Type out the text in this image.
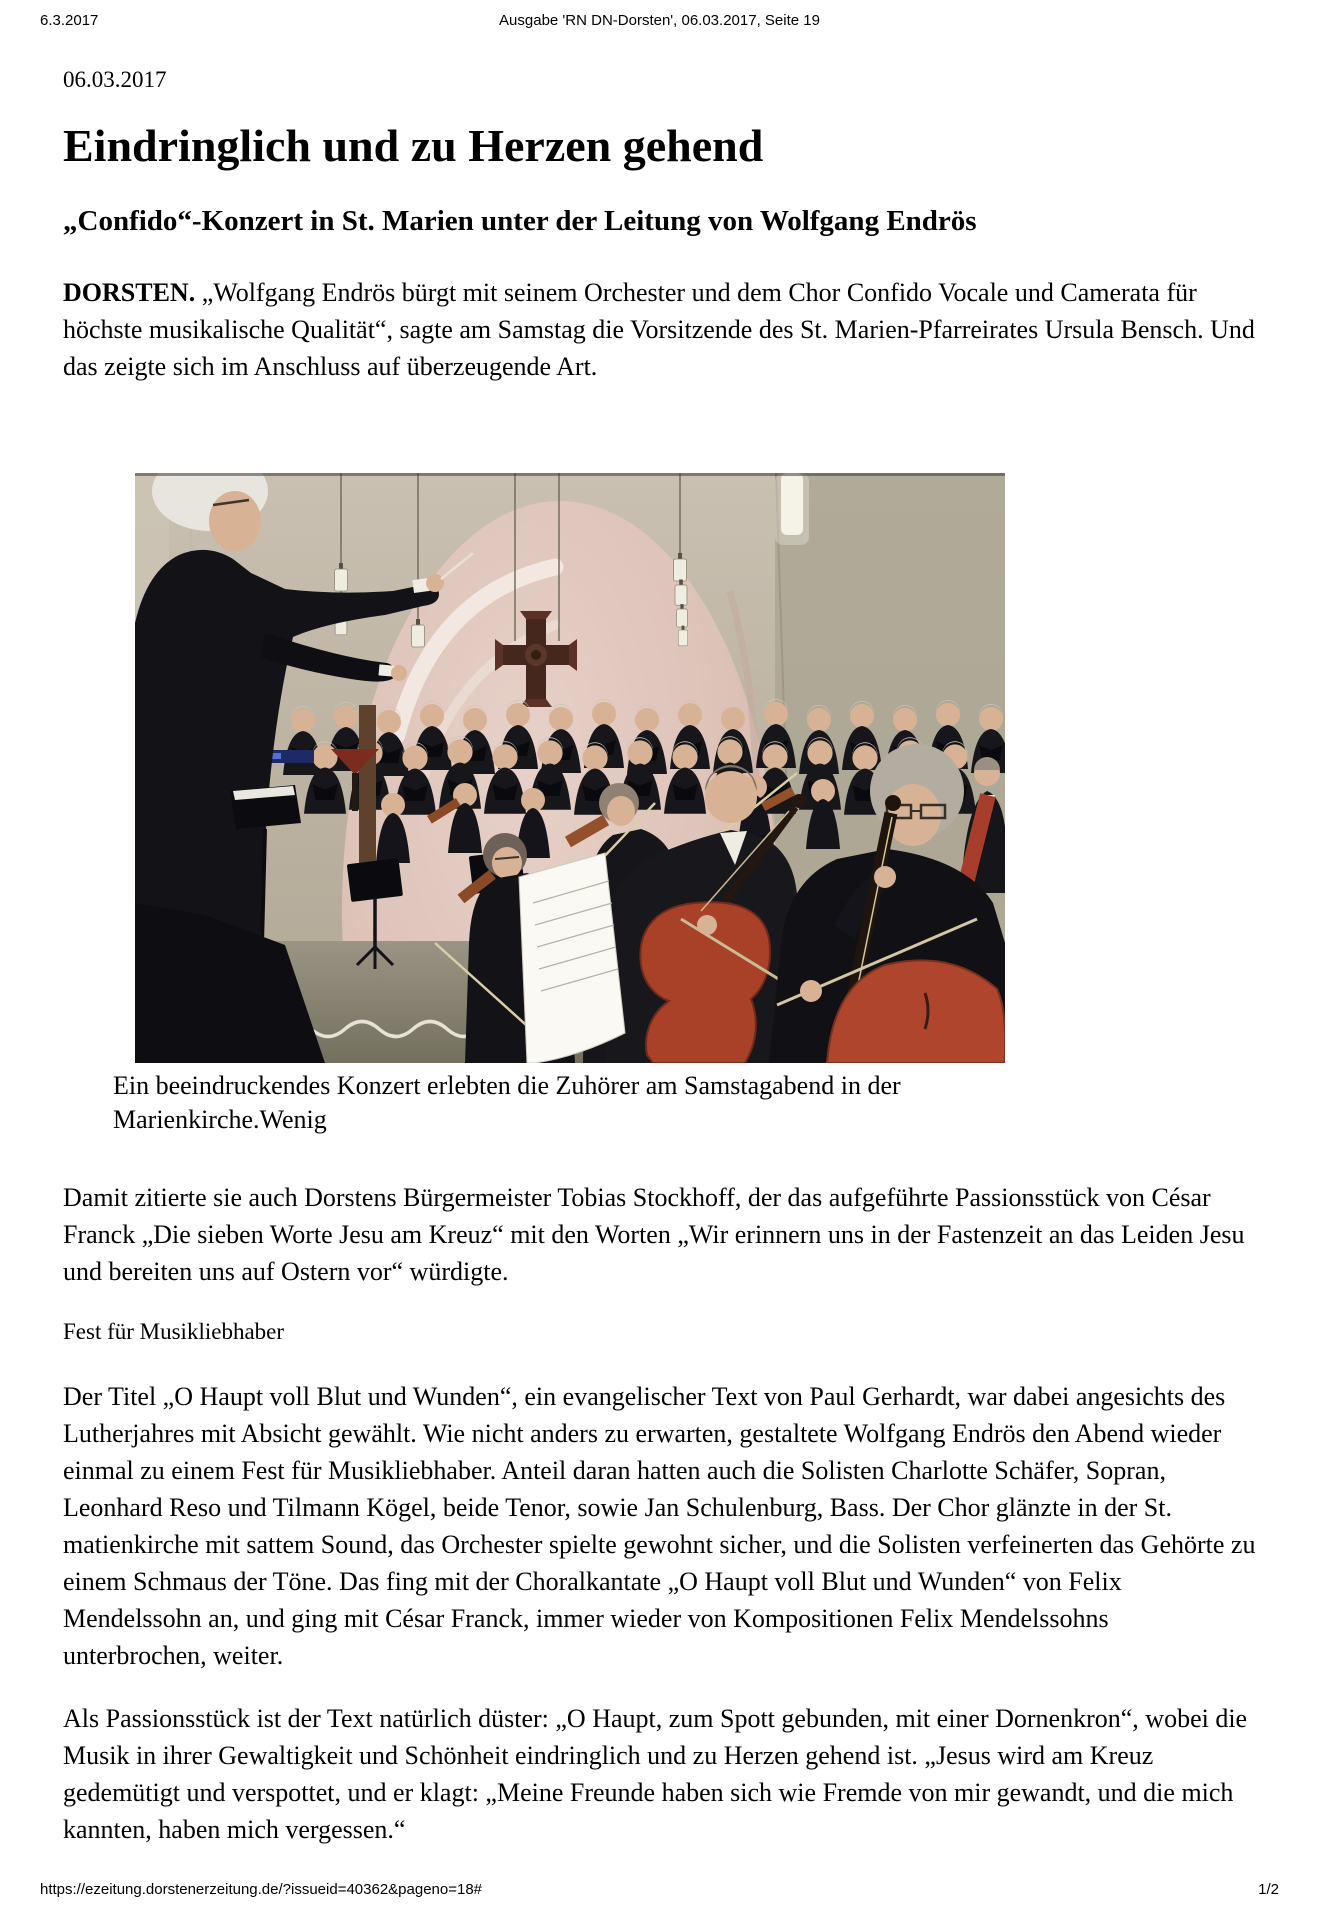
6.3.2017	Ausgabe 'RN DN-Dorsten', 06.03.2017, Seite 19
06.03.2017
Eindringlich und zu Herzen gehend
„Confido“-Konzert in St. Marien unter der Leitung von Wolfgang Endrös

DORSTEN. „Wolfgang Endrös bürgt mit seinem Orchester und dem Chor Confido Vocale und Camerata für höchste musikalische Qualität“, sagte am Samstag die Vorsitzende des St. Marien-Pfarreirates Ursula Bensch. Und das zeigte sich im Anschluss auf überzeugende Art.

Ein beeindruckendes Konzert erlebten die Zuhörer am Samstagabend in der Marienkirche.Wenig

Damit zitierte sie auch Dorstens Bürgermeister Tobias Stockhoff, der das aufgeführte Passionsstück von César Franck „Die sieben Worte Jesu am Kreuz“ mit den Worten „Wir erinnern uns in der Fastenzeit an das Leiden Jesu und bereiten uns auf Ostern vor“ würdigte.

Fest für Musikliebhaber

Der Titel „O Haupt voll Blut und Wunden“, ein evangelischer Text von Paul Gerhardt, war dabei angesichts des Lutherjahres mit Absicht gewählt. Wie nicht anders zu erwarten, gestaltete Wolfgang Endrös den Abend wieder einmal zu einem Fest für Musikliebhaber. Anteil daran hatten auch die Solisten Charlotte Schäfer, Sopran, Leonhard Reso und Tilmann Kögel, beide Tenor, sowie Jan Schulenburg, Bass. Der Chor glänzte in der St. matienkirche mit sattem Sound, das Orchester spielte gewohnt sicher, und die Solisten verfeinerten das Gehörte zu einem Schmaus der Töne. Das fing mit der Choralkantate „O Haupt voll Blut und Wunden“ von Felix Mendelssohn an, und ging mit César Franck, immer wieder von Kompositionen Felix Mendelssohns unterbrochen, weiter.

Als Passionsstück ist der Text natürlich düster: „O Haupt, zum Spott gebunden, mit einer Dornenkron“, wobei die Musik in ihrer Gewaltigkeit und Schönheit eindringlich und zu Herzen gehend ist. „Jesus wird am Kreuz gedemütigt und verspottet, und er klagt: „Meine Freunde haben sich wie Fremde von mir gewandt, und die mich kannten, haben mich vergessen.“

https://ezeitung.dorstenerzeitung.de/?issueid=40362&pageno=18#	1/2
